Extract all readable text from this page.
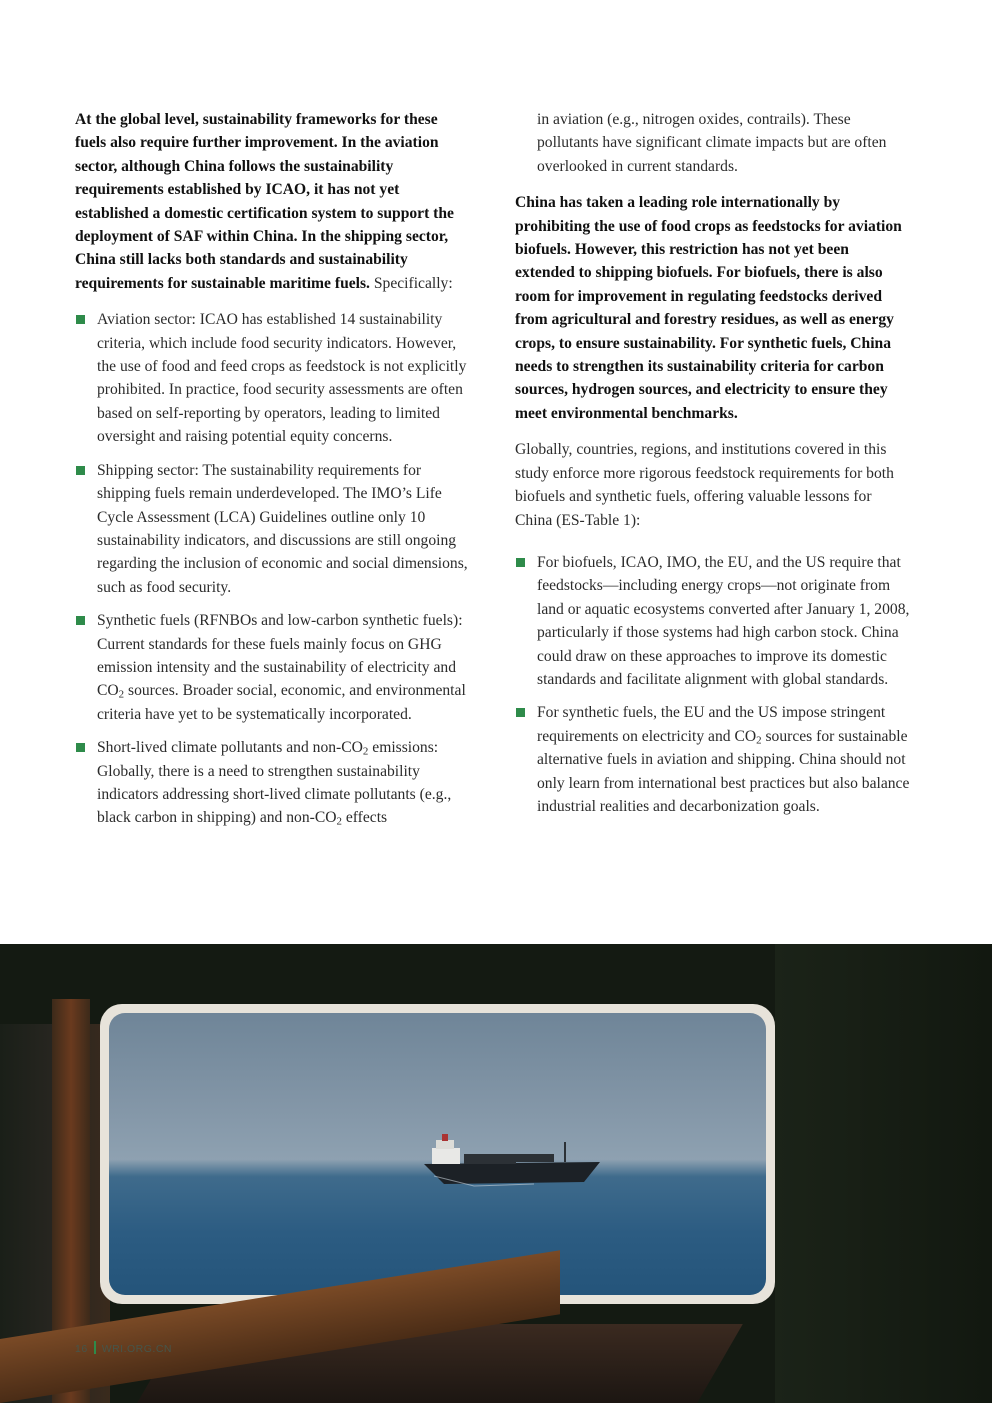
At the global level, sustainability frameworks for these fuels also require further improvement. In the aviation sector, although China follows the sustainability requirements established by ICAO, it has not yet established a domestic certification system to support the deployment of SAF within China. In the shipping sector, China still lacks both standards and sustainability requirements for sustainable maritime fuels. Specifically:

Aviation sector: ICAO has established 14 sustainability criteria, which include food security indicators. However, the use of food and feed crops as feedstock is not explicitly prohibited. In practice, food security assessments are often based on self-reporting by operators, leading to limited oversight and raising potential equity concerns.
Shipping sector: The sustainability requirements for shipping fuels remain underdeveloped. The IMO’s Life Cycle Assessment (LCA) Guidelines outline only 10 sustainability indicators, and discussions are still ongoing regarding the inclusion of economic and social dimensions, such as food security.
Synthetic fuels (RFNBOs and low-carbon synthetic fuels): Current standards for these fuels mainly focus on GHG emission intensity and the sustainability of electricity and $CO_2$ sources. Broader social, economic, and environmental criteria have yet to be systematically incorporated.
Short-lived climate pollutants and non-$CO_2$ emissions: Globally, there is a need to strengthen sustainability indicators addressing short-lived climate pollutants (e.g., black carbon in shipping) and non-$CO_2$ effects

in aviation (e.g., nitrogen oxides, contrails). These pollutants have significant climate impacts but are often overlooked in current standards.

China has taken a leading role internationally by prohibiting the use of food crops as feedstocks for aviation biofuels. However, this restriction has not yet been extended to shipping biofuels. For biofuels, there is also room for improvement in regulating feedstocks derived from agricultural and forestry residues, as well as energy crops, to ensure sustainability. For synthetic fuels, China needs to strengthen its sustainability criteria for carbon sources, hydrogen sources, and electricity to ensure they meet environmental benchmarks.

Globally, countries, regions, and institutions covered in this study enforce more rigorous feedstock requirements for both biofuels and synthetic fuels, offering valuable lessons for China (ES-Table 1):

For biofuels, ICAO, IMO, the EU, and the US require that feedstocks—including energy crops—not originate from land or aquatic ecosystems converted after January 1, 2008, particularly if those systems had high carbon stock. China could draw on these approaches to improve its domestic standards and facilitate alignment with global standards.
For synthetic fuels, the EU and the US impose stringent requirements on electricity and $CO_2$ sources for sustainable alternative fuels in aviation and shipping. China should not only learn from international best practices but also balance industrial realities and decarbonization goals.
16 WRI.ORG.CN
